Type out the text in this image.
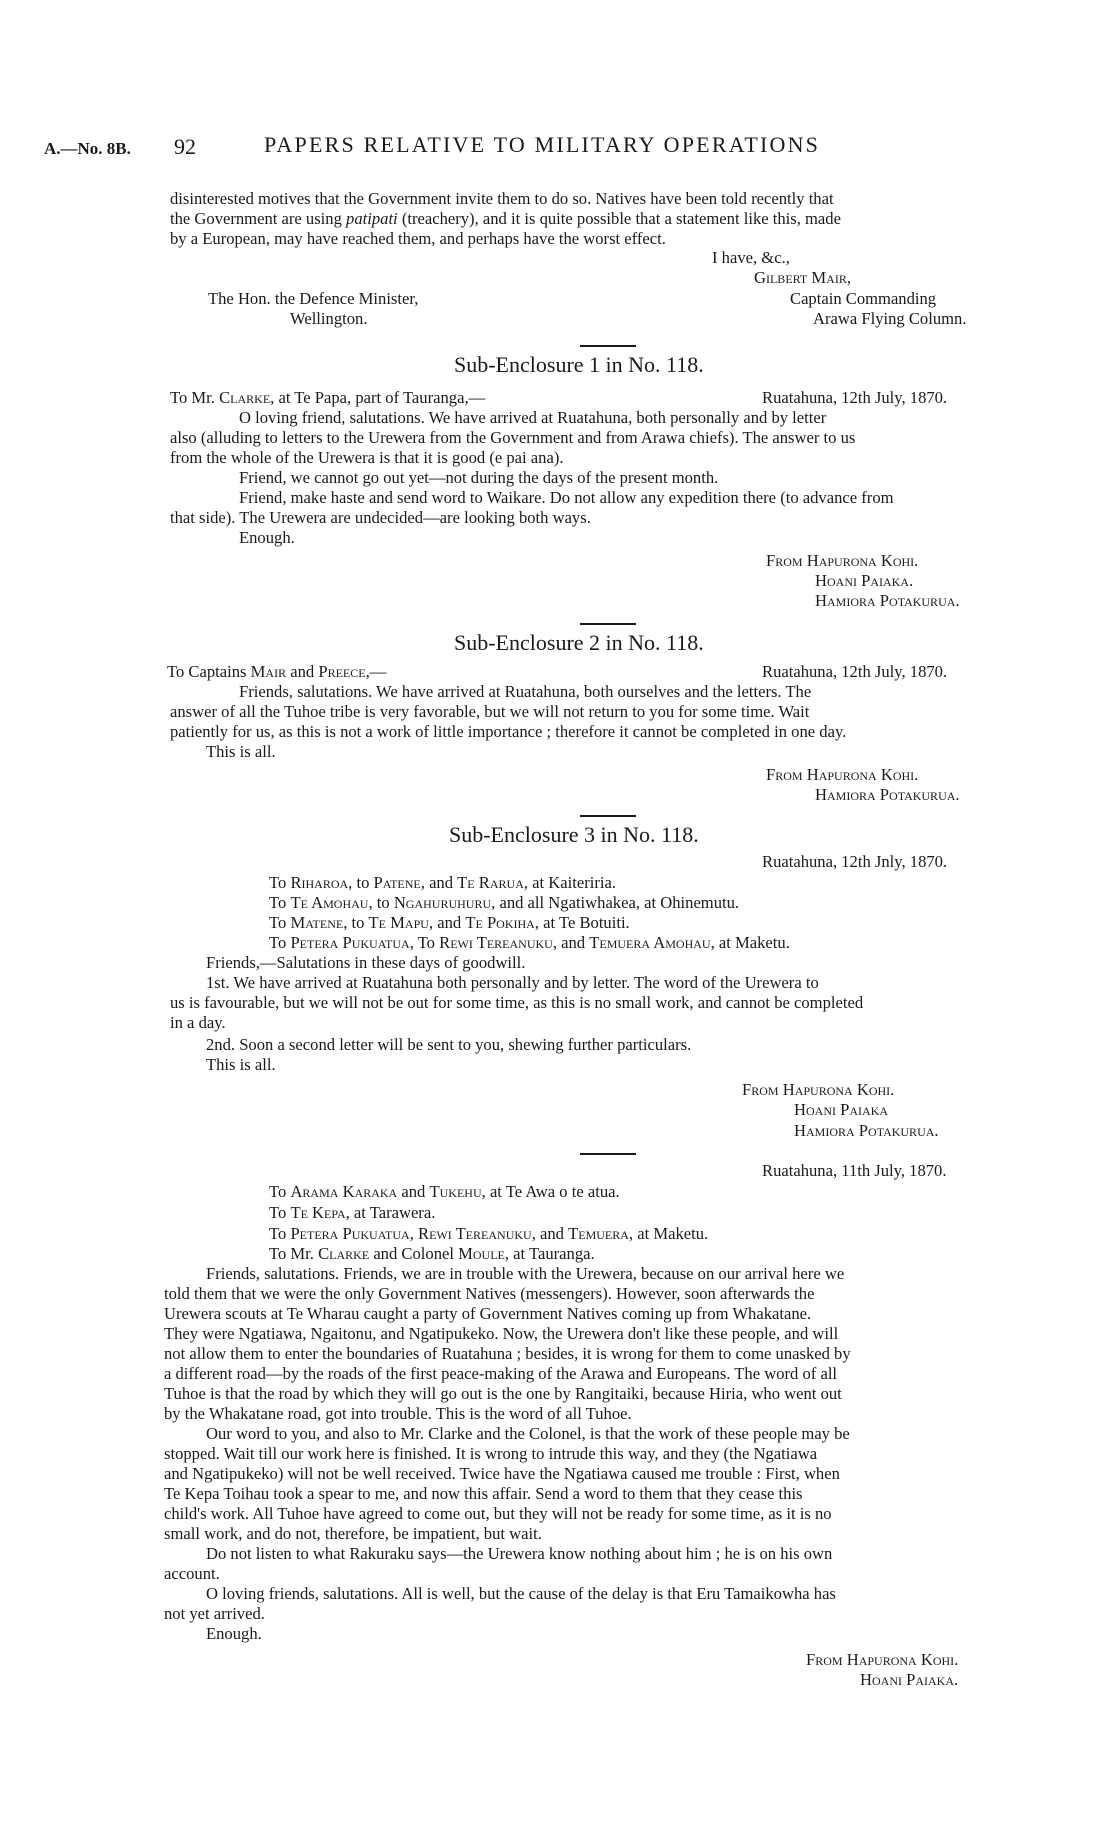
A.—No. 8B. 92	PAPERS RELATIVE TO MILITARY OPERATIONS
disinterested motives that the Government invite them to do so. Natives have been told recently that
the Government are using patipati (treachery), and it is quite possible that a statement like this, made
by a European, may have reached them, and perhaps have the worst effect.
I have, &c.,
Gilbert Mair,
The Hon. the Defence Minister,	Captain Commanding
Wellington.	Arawa Flying Column.
Sub-Enclosure 1 in No. 118.
To Mr. Clarke, at Te Papa, part of Tauranga,—	Ruatahuna, 12th July, 1870.
O loving friend, salutations. We have arrived at Ruatahuna, both personally and by letter
also (alluding to letters to the Urewera from the Government and from Arawa chiefs). The answer to us
from the whole of the Urewera is that it is good (e pai ana).
Friend, we cannot go out yet—not during the days of the present month.
Friend, make haste and send word to Waikare. Do not allow any expedition there (to advance from
that side). The Urewera are undecided—are looking both ways.
Enough.
From Hapurona Kohi.
Hoani Paiaka.
Hamiora Potakurua.
Sub-Enclosure 2 in No. 118.
To Captains Mair and Preece,—	Ruatahuna, 12th July, 1870.
Friends, salutations. We have arrived at Ruatahuna, both ourselves and the letters. The
answer of all the Tuhoe tribe is very favorable, but we will not return to you for some time. Wait
patiently for us, as this is not a work of little importance ; therefore it cannot be completed in one day.
This is all.
From Hapurona Kohi.
Hamiora Potakurua.
Sub-Enclosure 3 in No. 118.
Ruatahuna, 12th Jnly, 1870.
To Riharoa, to Patene, and Te Rarua, at Kaiteriria.
To Te Amohau, to Ngahuruhuru, and all Ngatiwhakea, at Ohinemutu.
To Matene, to Te Mapu, and Te Pokiha, at Te Botuiti.
To Petera Pukuatua, To Rewi Tereanuku, and Temuera Amohau, at Maketu.
Friends,—Salutations in these days of goodwill.
1st. We have arrived at Ruatahuna both personally and by letter. The word of the Urewera to
us is favourable, but we will not be out for some time, as this is no small work, and cannot be completed
in a day.
2nd. Soon a second letter will be sent to you, shewing further particulars.
This is all.
From Hapurona Kohi.
Hoani Paiaka
Hamiora Potakurua.
Ruatahuna, 11th July, 1870.
To Arama Karaka and Tukehu, at Te Awa o te atua.
To Te Kepa, at Tarawera.
To Petera Pukuatua, Rewi Tereanuku, and Temuera, at Maketu.
To Mr. Clarke and Colonel Moule, at Tauranga.
Friends, salutations. Friends, we are in trouble with the Urewera, because on our arrival here we
told them that we were the only Government Natives (messengers). However, soon afterwards the
Urewera scouts at Te Wharau caught a party of Government Natives coming up from Whakatane.
They were Ngatiawa, Ngaitonu, and Ngatipukeko. Now, the Urewera don't like these people, and will
not allow them to enter the boundaries of Ruatahuna ; besides, it is wrong for them to come unasked by
a different road—by the roads of the first peace-making of the Arawa and Europeans. The word of all
Tuhoe is that the road by which they will go out is the one by Rangitaiki, because Hiria, who went out
by the Whakatane road, got into trouble. This is the word of all Tuhoe.
Our word to you, and also to Mr. Clarke and the Colonel, is that the work of these people may be
stopped. Wait till our work here is finished. It is wrong to intrude this way, and they (the Ngatiawa
and Ngatipukeko) will not be well received. Twice have the Ngatiawa caused me trouble : First, when
Te Kepa Toihau took a spear to me, and now this affair. Send a word to them that they cease this
child's work. All Tuhoe have agreed to come out, but they will not be ready for some time, as it is no
small work, and do not, therefore, be impatient, but wait.
Do not listen to what Rakuraku says—the Urewera know nothing about him ; he is on his own
account.
O loving friends, salutations. All is well, but the cause of the delay is that Eru Tamaikowha has
not yet arrived.
Enough.
From Hapurona Kohi.
Hoani Paiaka.
